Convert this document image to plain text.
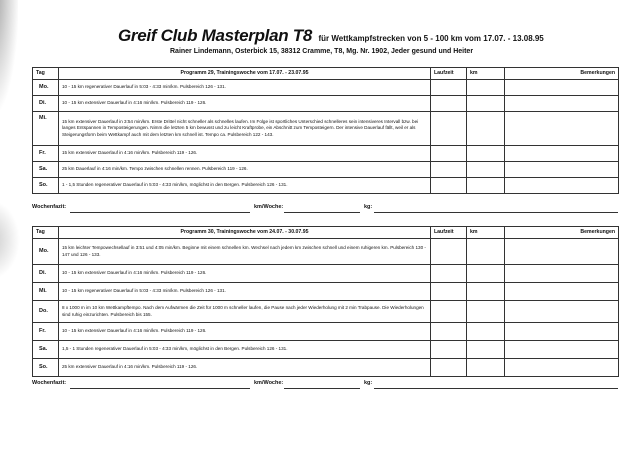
Greif Club Masterplan T8 für Wettkampfstrecken von 5 - 100 km vom 17.07. - 13.08.95
Rainer Lindemann, Osterbick 15, 38312 Cramme, T8, Mg. Nr. 1902, Jeder gesund und Heiter
Tag	Programm 29, Trainingswoche vom 17.07. - 23.07.95	Laufzeit	km	Bemerkungen
Mo.	10 - 15 km regenerativer Dauerlauf in 5:03 - 4:33 min/km. Pulsbereich 126 - 131.			
Di.	10 - 15 km extensiver Dauerlauf in 4:16 min/km. Pulsbereich 119 - 126.			
Mi.	15 km extensiver Dauerlauf in 3:54 min/km. Erste Drittel nicht schneller als schnelles laufen. Im Folge ist sportliches Unterschied schnelleres sein intensiveres Intervall bzw. bei langes Entspannen in Temposteigerungen. Nimm die letzten 5 km bewusst und zu leicht Kraftprobe, ein Abschnitt zum Temposteigern. Der intensive Dauerlauf fällt, weil er als Steigerungsform beim Wettkampf auch mit dem letzten km schnell ist. Tempo ca. Pulsbereich 122 - 143.			
Fr.	15 km extensiver Dauerlauf in 4:16 min/km. Pulsbereich 119 - 126.			
Sa.	25 km Dauerlauf in 4:16 min/km. Tempo zwischen schnellen rennen. Pulsbereich 119 - 126.			
So.	1 - 1,5 Stunden regenerativer Dauerlauf in 5:03 - 4:33 min/km, möglichst in den Bergen. Pulsbereich 126 - 131.			
Wochenfazit:	km/Woche:	kg:
Tag	Programm 30, Trainingswoche vom 24.07. - 30.07.95	Laufzeit	km	Bemerkungen
Mo.	15 km leichter Tempowechsellauf in 3:51 und 4:05 min/km. Beginne mit einem schnellen km. Wechsel nach jedem km zwischen schnell und einem ruhigeren km. Pulsbereich 130 - 147 und 126 - 133.			
Di.	10 - 15 km extensiver Dauerlauf in 4:16 min/km. Pulsbereich 119 - 126.			
Mi.	10 - 15 km regenerativer Dauerlauf in 5:03 - 4:33 min/km. Pulsbereich 126 - 131.			
Do.	8 x 1000 m im 10 km Wettkampftempo. Nach dem Aufwärmen die Zeit für 1000 m schneller laufen, die Pause nach jeder Wiederholung mit 2 min Trabpause. Die Wiederholungen sind ruhig einzurichten. Pulsbereich bis 155.			
Fr.	10 - 15 km extensiver Dauerlauf in 4:16 min/km. Pulsbereich 119 - 126.			
Sa.	1,5 - 1 Stunden regenerativer Dauerlauf in 5:03 - 4:33 min/km, möglichst in den Bergen. Pulsbereich 126 - 131.			
So.	25 km extensiver Dauerlauf in 4:16 min/km. Pulsbereich 119 - 126.			
Wochenfazit:	km/Woche:	kg:
